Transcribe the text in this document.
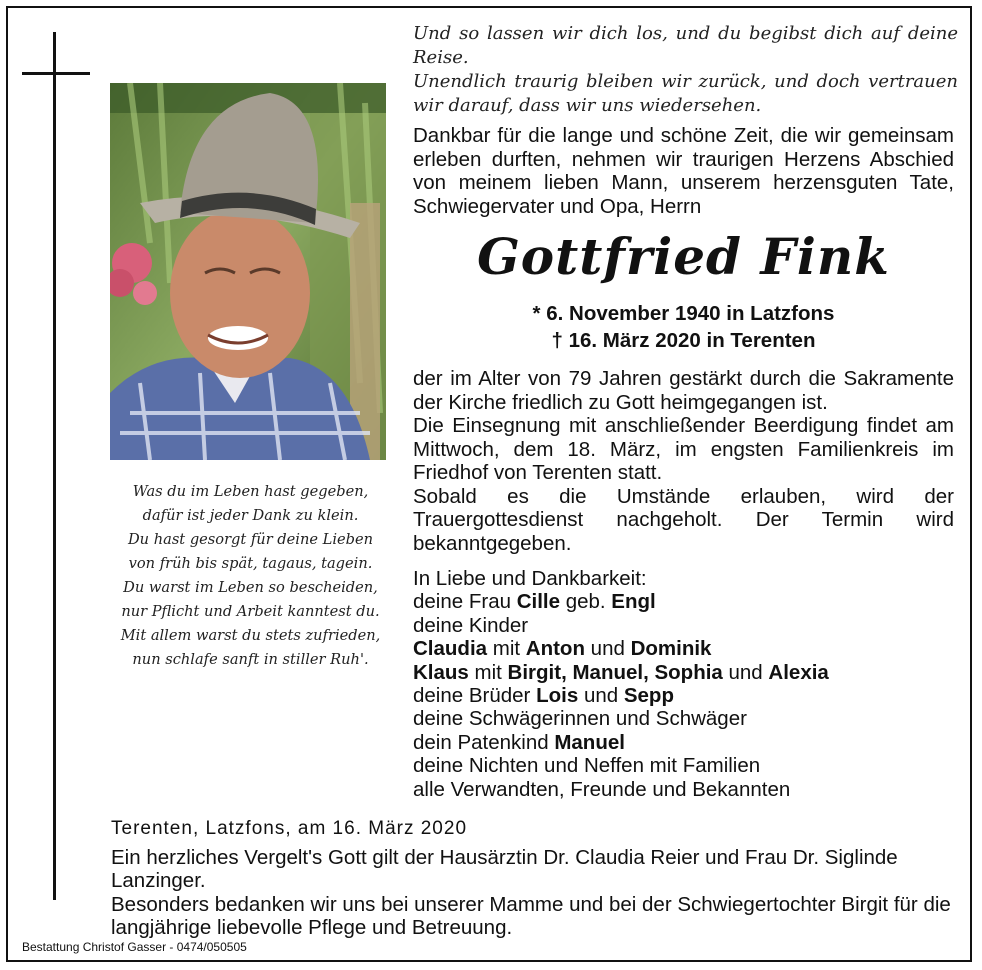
Was du im Leben hast gegeben,
dafür ist jeder Dank zu klein.
Du hast gesorgt für deine Lieben
von früh bis spät, tagaus, tagein.
Du warst im Leben so bescheiden,
nur Pflicht und Arbeit kanntest du.
Mit allem warst du stets zufrieden,
nun schlafe sanft in stiller Ruh'.

Und so lassen wir dich los, und du begibst dich auf deine Reise.

Unendlich traurig bleiben wir zurück, und doch vertrauen wir darauf, dass wir uns wiedersehen.

Dankbar für die lange und schöne Zeit, die wir gemeinsam erleben durften, nehmen wir traurigen Herzens Abschied von meinem lieben Mann, unserem herzensguten Tate, Schwiegervater und Opa, Herrn
Gottfried Fink
* 6. November 1940 in Latzfons
† 16. März 2020 in Terenten
der im Alter von 79 Jahren gestärkt durch die Sakramente der Kirche friedlich zu Gott heimgegangen ist.
Die Einsegnung mit anschließender Beerdigung findet am Mittwoch, dem 18. März, im engsten Familienkreis im Friedhof von Terenten statt.
Sobald es die Umstände erlauben, wird der Trauergottesdienst nachgeholt. Der Termin wird bekanntgegeben.
In Liebe und Dankbarkeit:
deine Frau Cille geb. Engl
deine Kinder
Claudia mit Anton und Dominik
Klaus mit Birgit, Manuel, Sophia und Alexia
deine Brüder Lois und Sepp
deine Schwägerinnen und Schwäger
dein Patenkind Manuel
deine Nichten und Neffen mit Familien
alle Verwandten, Freunde und Bekannten
Terenten, Latzfons, am 16. März 2020

Ein herzliches Vergelt's Gott gilt der Hausärztin Dr. Claudia Reier und Frau Dr. Siglinde Lanzinger.

Besonders bedanken wir uns bei unserer Mamme und bei der Schwiegertochter Birgit für die langjährige liebevolle Pflege und Betreuung.

Bestattung Christof Gasser - 0474/050505
